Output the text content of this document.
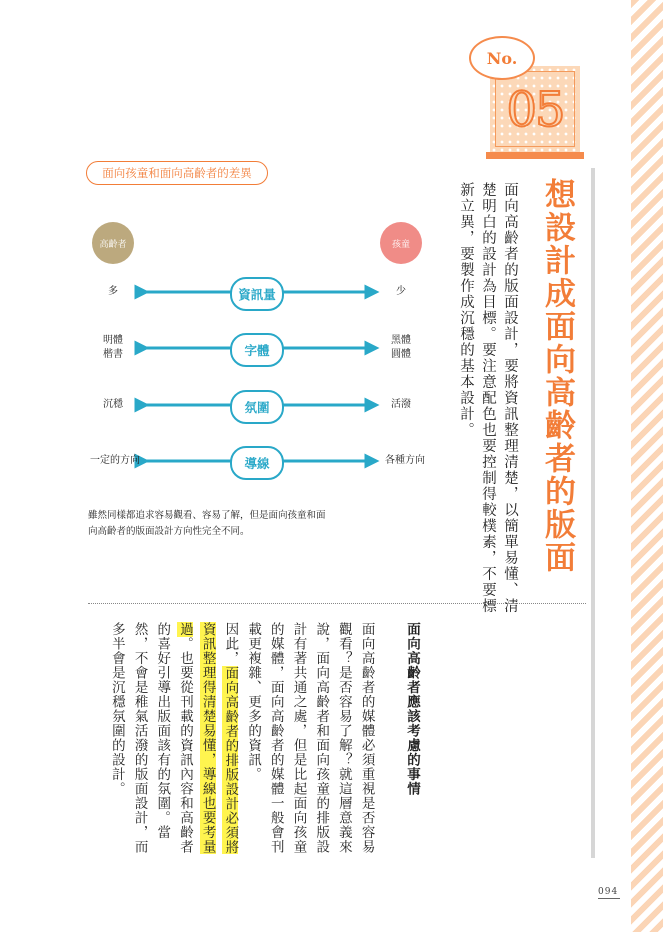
05
No.
想設計成面向高齡者的版面
面向高齡者的版面設計，要將資訊整理清楚，以簡單易懂、清楚明白的設計為目標。要注意配色也要控制得較樸素，不要標新立異，要製作成沉穩的基本設計。
面向孩童和面向高齡者的差異
高齡者	孩童
資訊量
字體
氛圍
導線
多
明體
楷書
沉穩
一定的方向
少
黑體
圓體
活潑
各種方向
雖然同樣都追求容易觀看、容易了解，但是面向孩童和面向高齡者的版面設計方向性完全不同。
面向高齡者應該考慮的事情

面向高齡者的媒體必須重視是否容易觀看？是否容易了解？就這層意義來說，面向高齡者和面向孩童的排版設計有著共通之處，但是比起面向孩童的媒體，面向高齡者的媒體一般會刊載更複雜、更多的資訊。
因此，面向高齡者的排版設計必須將資訊整理得清楚易懂，導線也要考量過。也要從刊載的資訊內容和高齡者的喜好引導出版面該有的氛圍。當然，不會是稚氣活潑的版面設計，而多半會是沉穩氛圍的設計。
094
